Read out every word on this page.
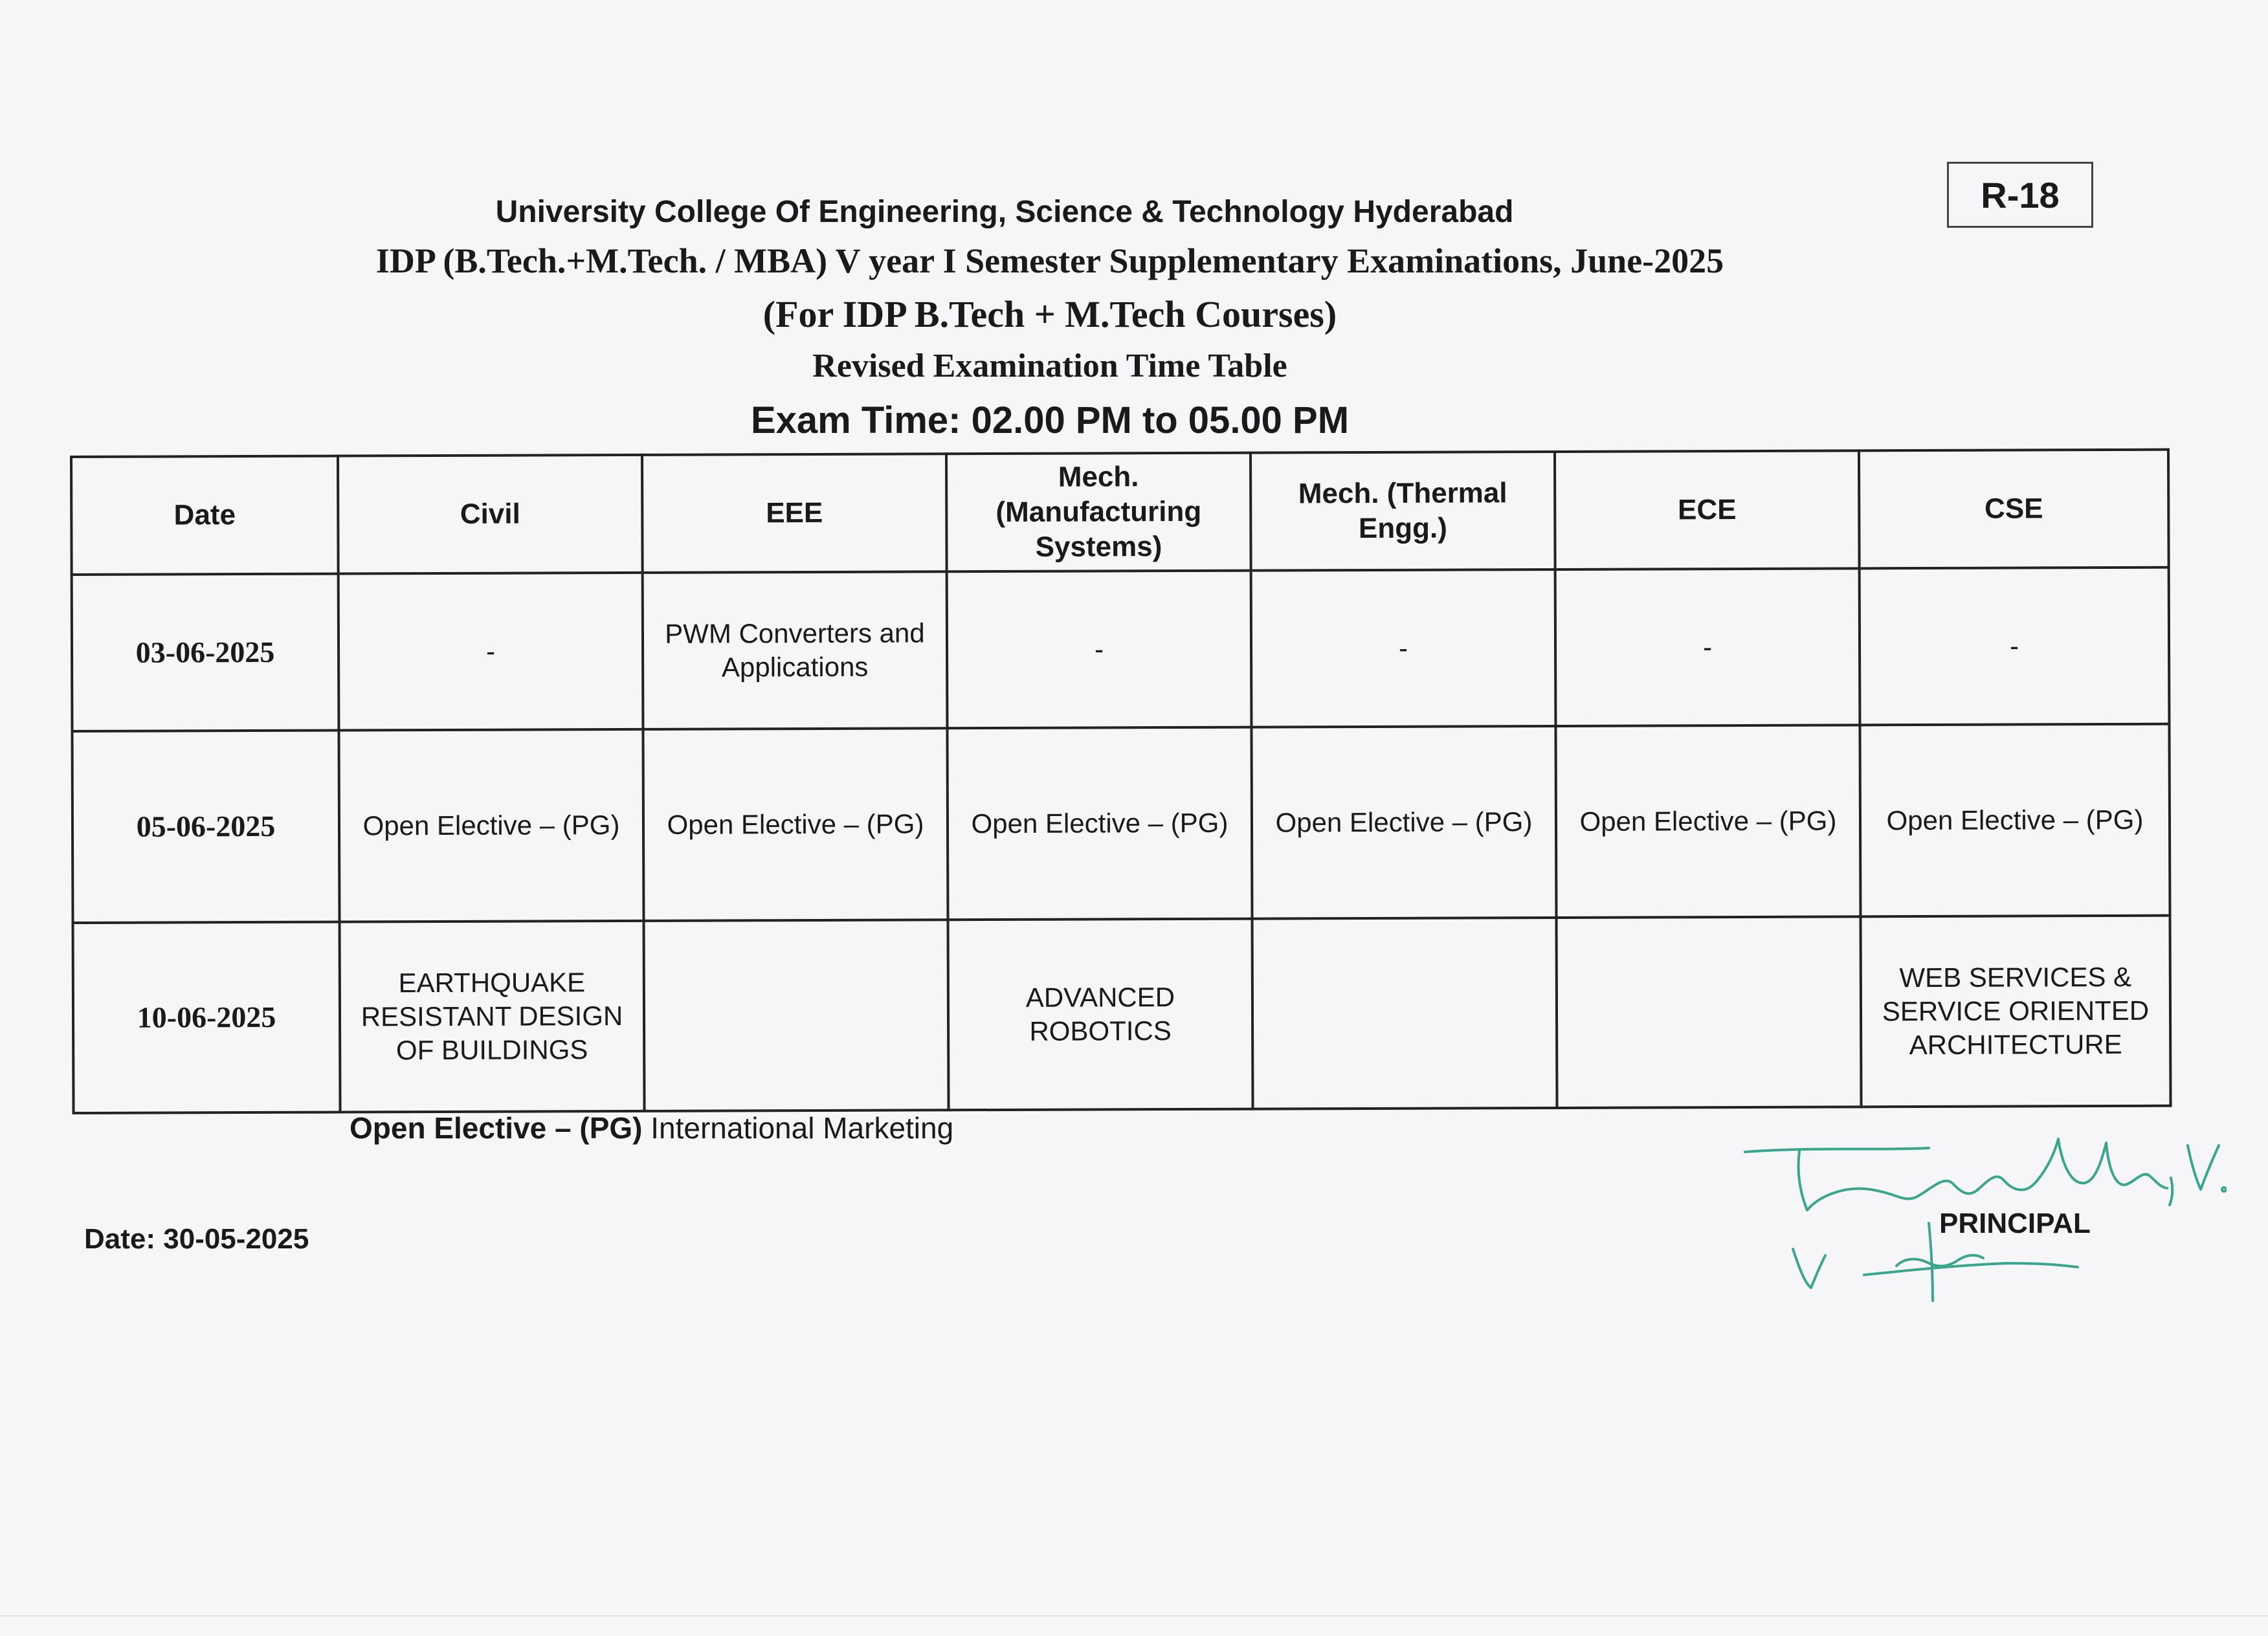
R-18
University College Of Engineering, Science & Technology Hyderabad
IDP (B.Tech.+M.Tech. / MBA) V year I Semester Supplementary Examinations, June-2025
(For IDP B.Tech + M.Tech Courses)
Revised Examination Time Table
Exam Time: 02.00 PM to 05.00 PM
Date	Civil	EEE	Mech. (Manufacturing Systems)	Mech. (Thermal Engg.)	ECE	CSE
03-06-2025	-	PWM Converters and Applications	-	-	-	-
05-06-2025	Open Elective – (PG)	Open Elective – (PG)	Open Elective – (PG)	Open Elective – (PG)	Open Elective – (PG)	Open Elective – (PG)
10-06-2025	EARTHQUAKE RESISTANT DESIGN OF BUILDINGS		ADVANCED ROBOTICS			WEB SERVICES & SERVICE ORIENTED ARCHITECTURE
Open Elective – (PG) International Marketing
Date: 30-05-2025	PRINCIPAL
